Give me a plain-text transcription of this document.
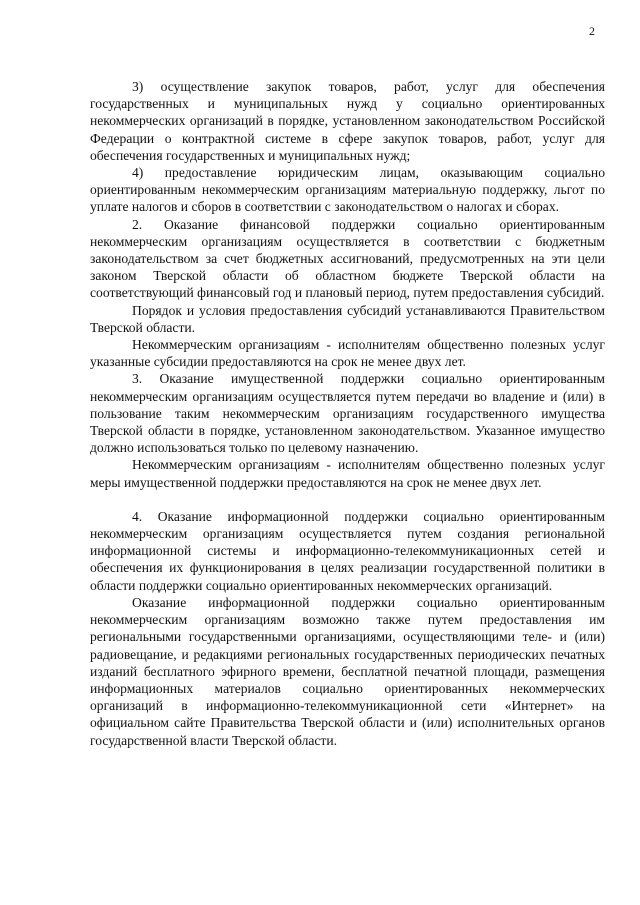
2

3) осуществление закупок товаров, работ, услуг для обеспечения государственных и муниципальных нужд у социально ориентированных некоммерческих организаций в порядке, установленном законодательством Российской Федерации о контрактной системе в сфере закупок товаров, работ, услуг для обеспечения государственных и муниципальных нужд;

4) предоставление юридическим лицам, оказывающим социально ориентированным некоммерческим организациям материальную поддержку, льгот по уплате налогов и сборов в соответствии с законодательством о налогах и сборах.

2. Оказание финансовой поддержки социально ориентированным некоммерческим организациям осуществляется в соответствии с бюджетным законодательством за счет бюджетных ассигнований, предусмотренных на эти цели законом Тверской области об областном бюджете Тверской области на соответствующий финансовый год и плановый период, путем предоставления субсидий.

Порядок и условия предоставления субсидий устанавливаются Правительством Тверской области.

Некоммерческим организациям - исполнителям общественно полезных услуг указанные субсидии предоставляются на срок не менее двух лет.

3. Оказание имущественной поддержки социально ориентированным некоммерческим организациям осуществляется путем передачи во владение и (или) в пользование таким некоммерческим организациям государственного имущества Тверской области в порядке, установленном законодательством. Указанное имущество должно использоваться только по целевому назначению.

Некоммерческим организациям - исполнителям общественно полезных услуг меры имущественной поддержки предоставляются на срок не менее двух лет.

4. Оказание информационной поддержки социально ориентированным некоммерческим организациям осуществляется путем создания региональной информационной системы и информационно-телекоммуникационных сетей и обеспечения их функционирования в целях реализации государственной политики в области поддержки социально ориентированных некоммерческих организаций.

Оказание информационной поддержки социально ориентированным некоммерческим организациям возможно также путем предоставления им региональными государственными организациями, осуществляющими теле- и (или) радиовещание, и редакциями региональных государственных периодических печатных изданий бесплатного эфирного времени, бесплатной печатной площади, размещения информационных материалов социально ориентированных некоммерческих организаций в информационно-телекоммуникационной сети «Интернет» на официальном сайте Правительства Тверской области и (или) исполнительных органов государственной власти Тверской области.
